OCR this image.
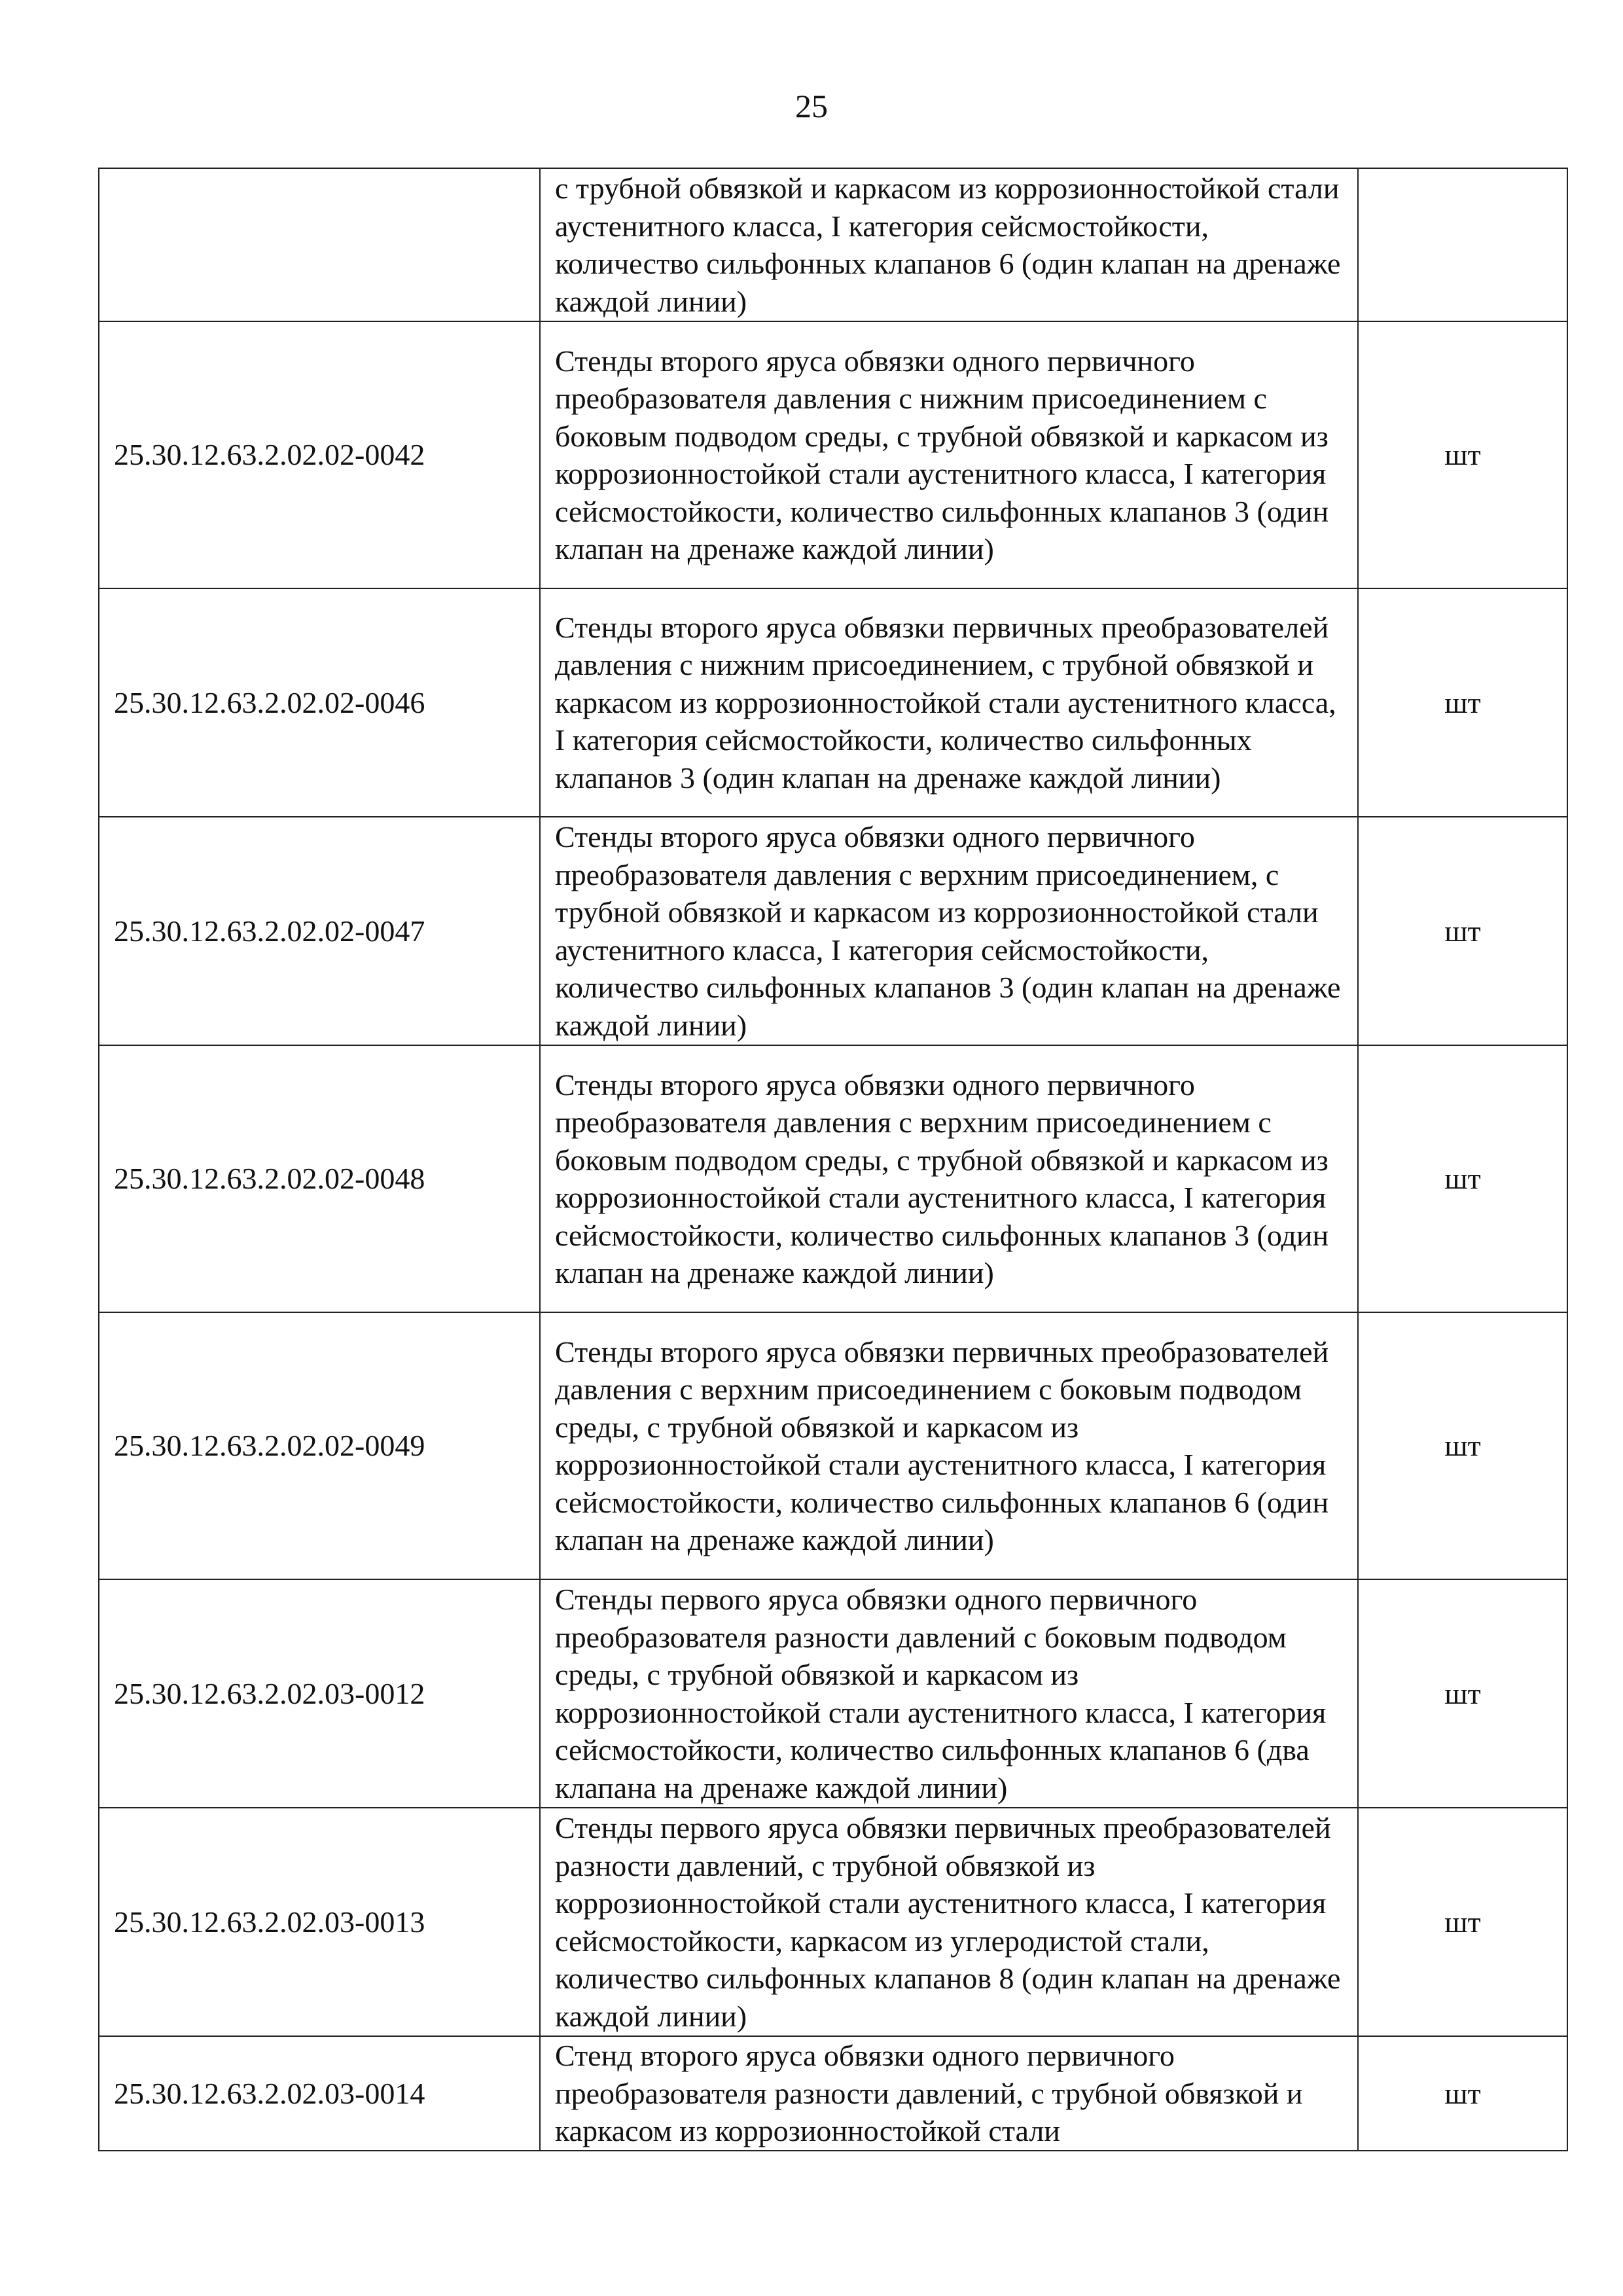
25
	с трубной обвязкой и каркасом из коррозионностойкой стали аустенитного класса, I категория сейсмостойкости, количество сильфонных клапанов 6 (один клапан на дренаже каждой линии)	
25.30.12.63.2.02.02-0042	Стенды второго яруса обвязки одного первичного преобразователя давления с нижним присоединением с боковым подводом среды, с трубной обвязкой и каркасом из коррозионностойкой стали аустенитного класса, I категория сейсмостойкости, количество сильфонных клапанов 3 (один клапан на дренаже каждой линии)	шт
25.30.12.63.2.02.02-0046	Стенды второго яруса обвязки первичных преобразователей давления с нижним присоединением, с трубной обвязкой и каркасом из коррозионностойкой стали аустенитного класса, I категория сейсмостойкости, количество сильфонных клапанов 3 (один клапан на дренаже каждой линии)	шт
25.30.12.63.2.02.02-0047	Стенды второго яруса обвязки одного первичного преобразователя давления с верхним присоединением, с трубной обвязкой и каркасом из коррозионностойкой стали аустенитного класса, I категория сейсмостойкости, количество сильфонных клапанов 3 (один клапан на дренаже каждой линии)	шт
25.30.12.63.2.02.02-0048	Стенды второго яруса обвязки одного первичного преобразователя давления с верхним присоединением с боковым подводом среды, с трубной обвязкой и каркасом из коррозионностойкой стали аустенитного класса, I категория сейсмостойкости, количество сильфонных клапанов 3 (один клапан на дренаже каждой линии)	шт
25.30.12.63.2.02.02-0049	Стенды второго яруса обвязки первичных преобразователей давления с верхним присоединением с боковым подводом среды, с трубной обвязкой и каркасом из коррозионностойкой стали аустенитного класса, I категория сейсмостойкости, количество сильфонных клапанов 6 (один клапан на дренаже каждой линии)	шт
25.30.12.63.2.02.03-0012	Стенды первого яруса обвязки одного первичного преобразователя разности давлений с боковым подводом среды, с трубной обвязкой и каркасом из коррозионностойкой стали аустенитного класса, I категория сейсмостойкости, количество сильфонных клапанов 6 (два клапана на дренаже каждой линии)	шт
25.30.12.63.2.02.03-0013	Стенды первого яруса обвязки первичных преобразователей разности давлений, с трубной обвязкой из коррозионностойкой стали аустенитного класса, I категория сейсмостойкости, каркасом из углеродистой стали, количество сильфонных клапанов 8 (один клапан на дренаже каждой линии)	шт
25.30.12.63.2.02.03-0014	Стенд второго яруса обвязки одного первичного преобразователя разности давлений, с трубной обвязкой и каркасом из коррозионностойкой стали	шт
